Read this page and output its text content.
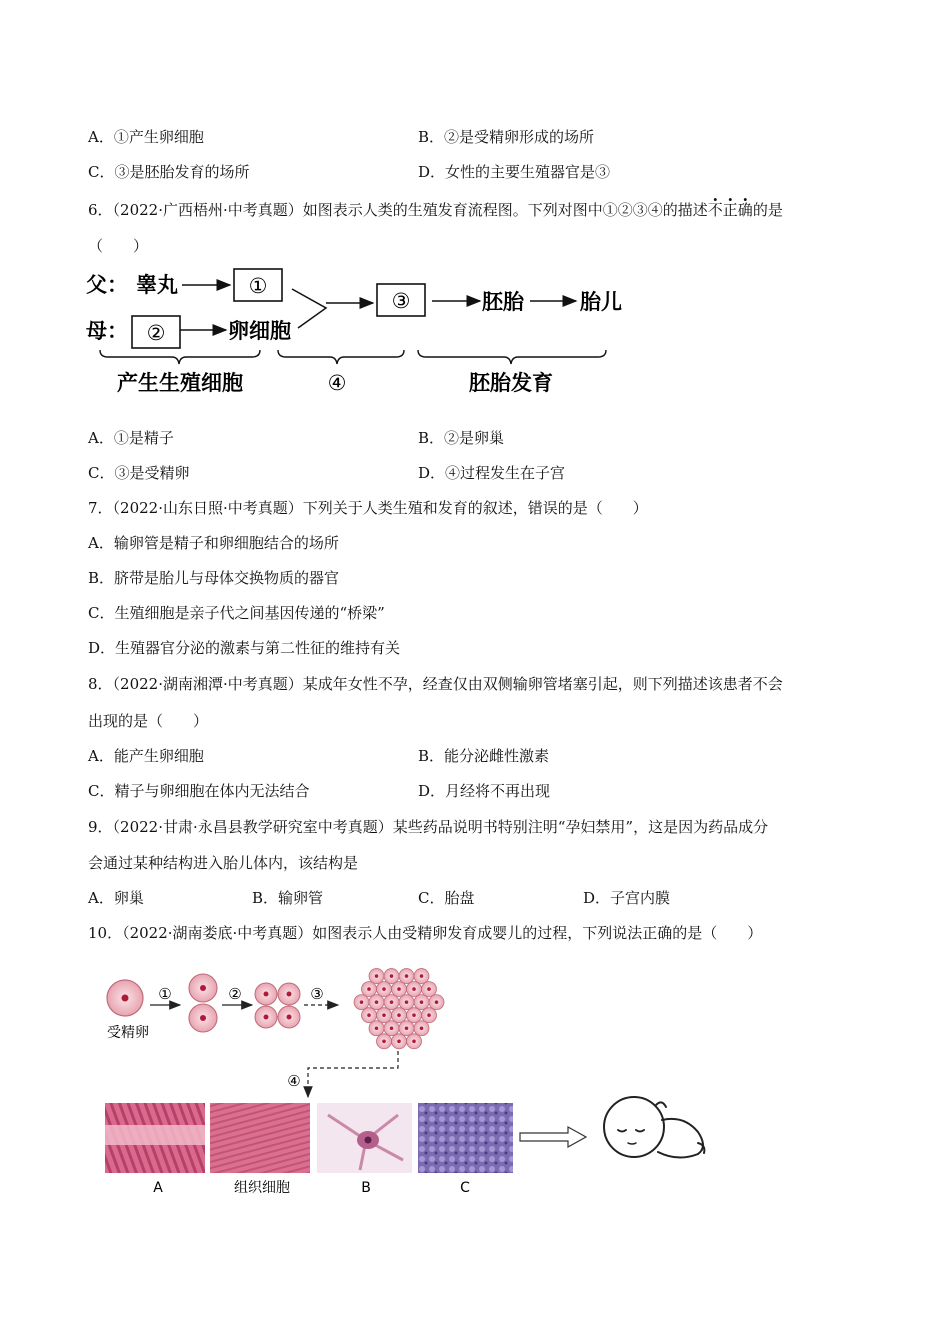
A．①产生卵细胞	B．②是受精卵形成的场所
C．③是胚胎发育的场所	D．女性的主要生殖器官是③
6．（2022·广西梧州·中考真题）如图表示人类的生殖发育流程图。下列对图中①②③④的描述不正确的是
（　　）
父： 睾丸	①
母： ②	卵细胞
③	胚胎	胎儿
产生生殖细胞	④	胚胎发育
A．①是精子	B．②是卵巢
C．③是受精卵	D．④过程发生在子宫
7．（2022·山东日照·中考真题）下列关于人类生殖和发育的叙述，错误的是（　　）
A．输卵管是精子和卵细胞结合的场所
B．脐带是胎儿与母体交换物质的器官
C．生殖细胞是亲子代之间基因传递的“桥梁”
D．生殖器官分泌的激素与第二性征的维持有关
8．（2022·湖南湘潭·中考真题）某成年女性不孕，经查仅由双侧输卵管堵塞引起，则下列描述该患者不会
出现的是（　　）
A．能产生卵细胞	B．能分泌雌性激素
C．精子与卵细胞在体内无法结合	D．月经将不再出现
9．（2022·甘肃·永昌县教学研究室中考真题）某些药品说明书特别注明“孕妇禁用”，这是因为药品成分
会通过某种结构进入胎儿体内，该结构是
A．卵巢	B．输卵管	C．胎盘	D．子宫内膜
10．（2022·湖南娄底·中考真题）如图表示人由受精卵发育成婴儿的过程，下列说法正确的是（　　）
受精卵
①	②	③
④
A	组织细胞	B	C
